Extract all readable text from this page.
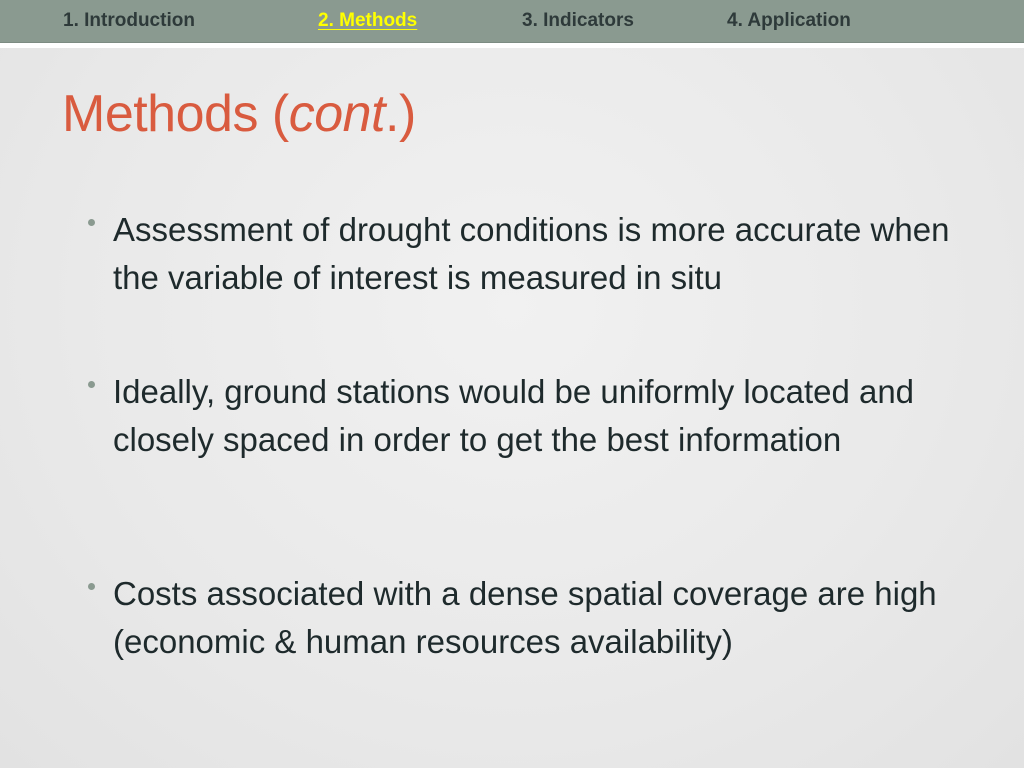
1. Introduction	2. Methods	3. Indicators	4. Application
Methods (cont.)
Assessment of drought conditions is more accurate when the variable of interest is measured in situ
Ideally, ground stations would be uniformly located and closely spaced in order to get the best information
Costs associated with a dense spatial coverage are high (economic & human resources availability)
